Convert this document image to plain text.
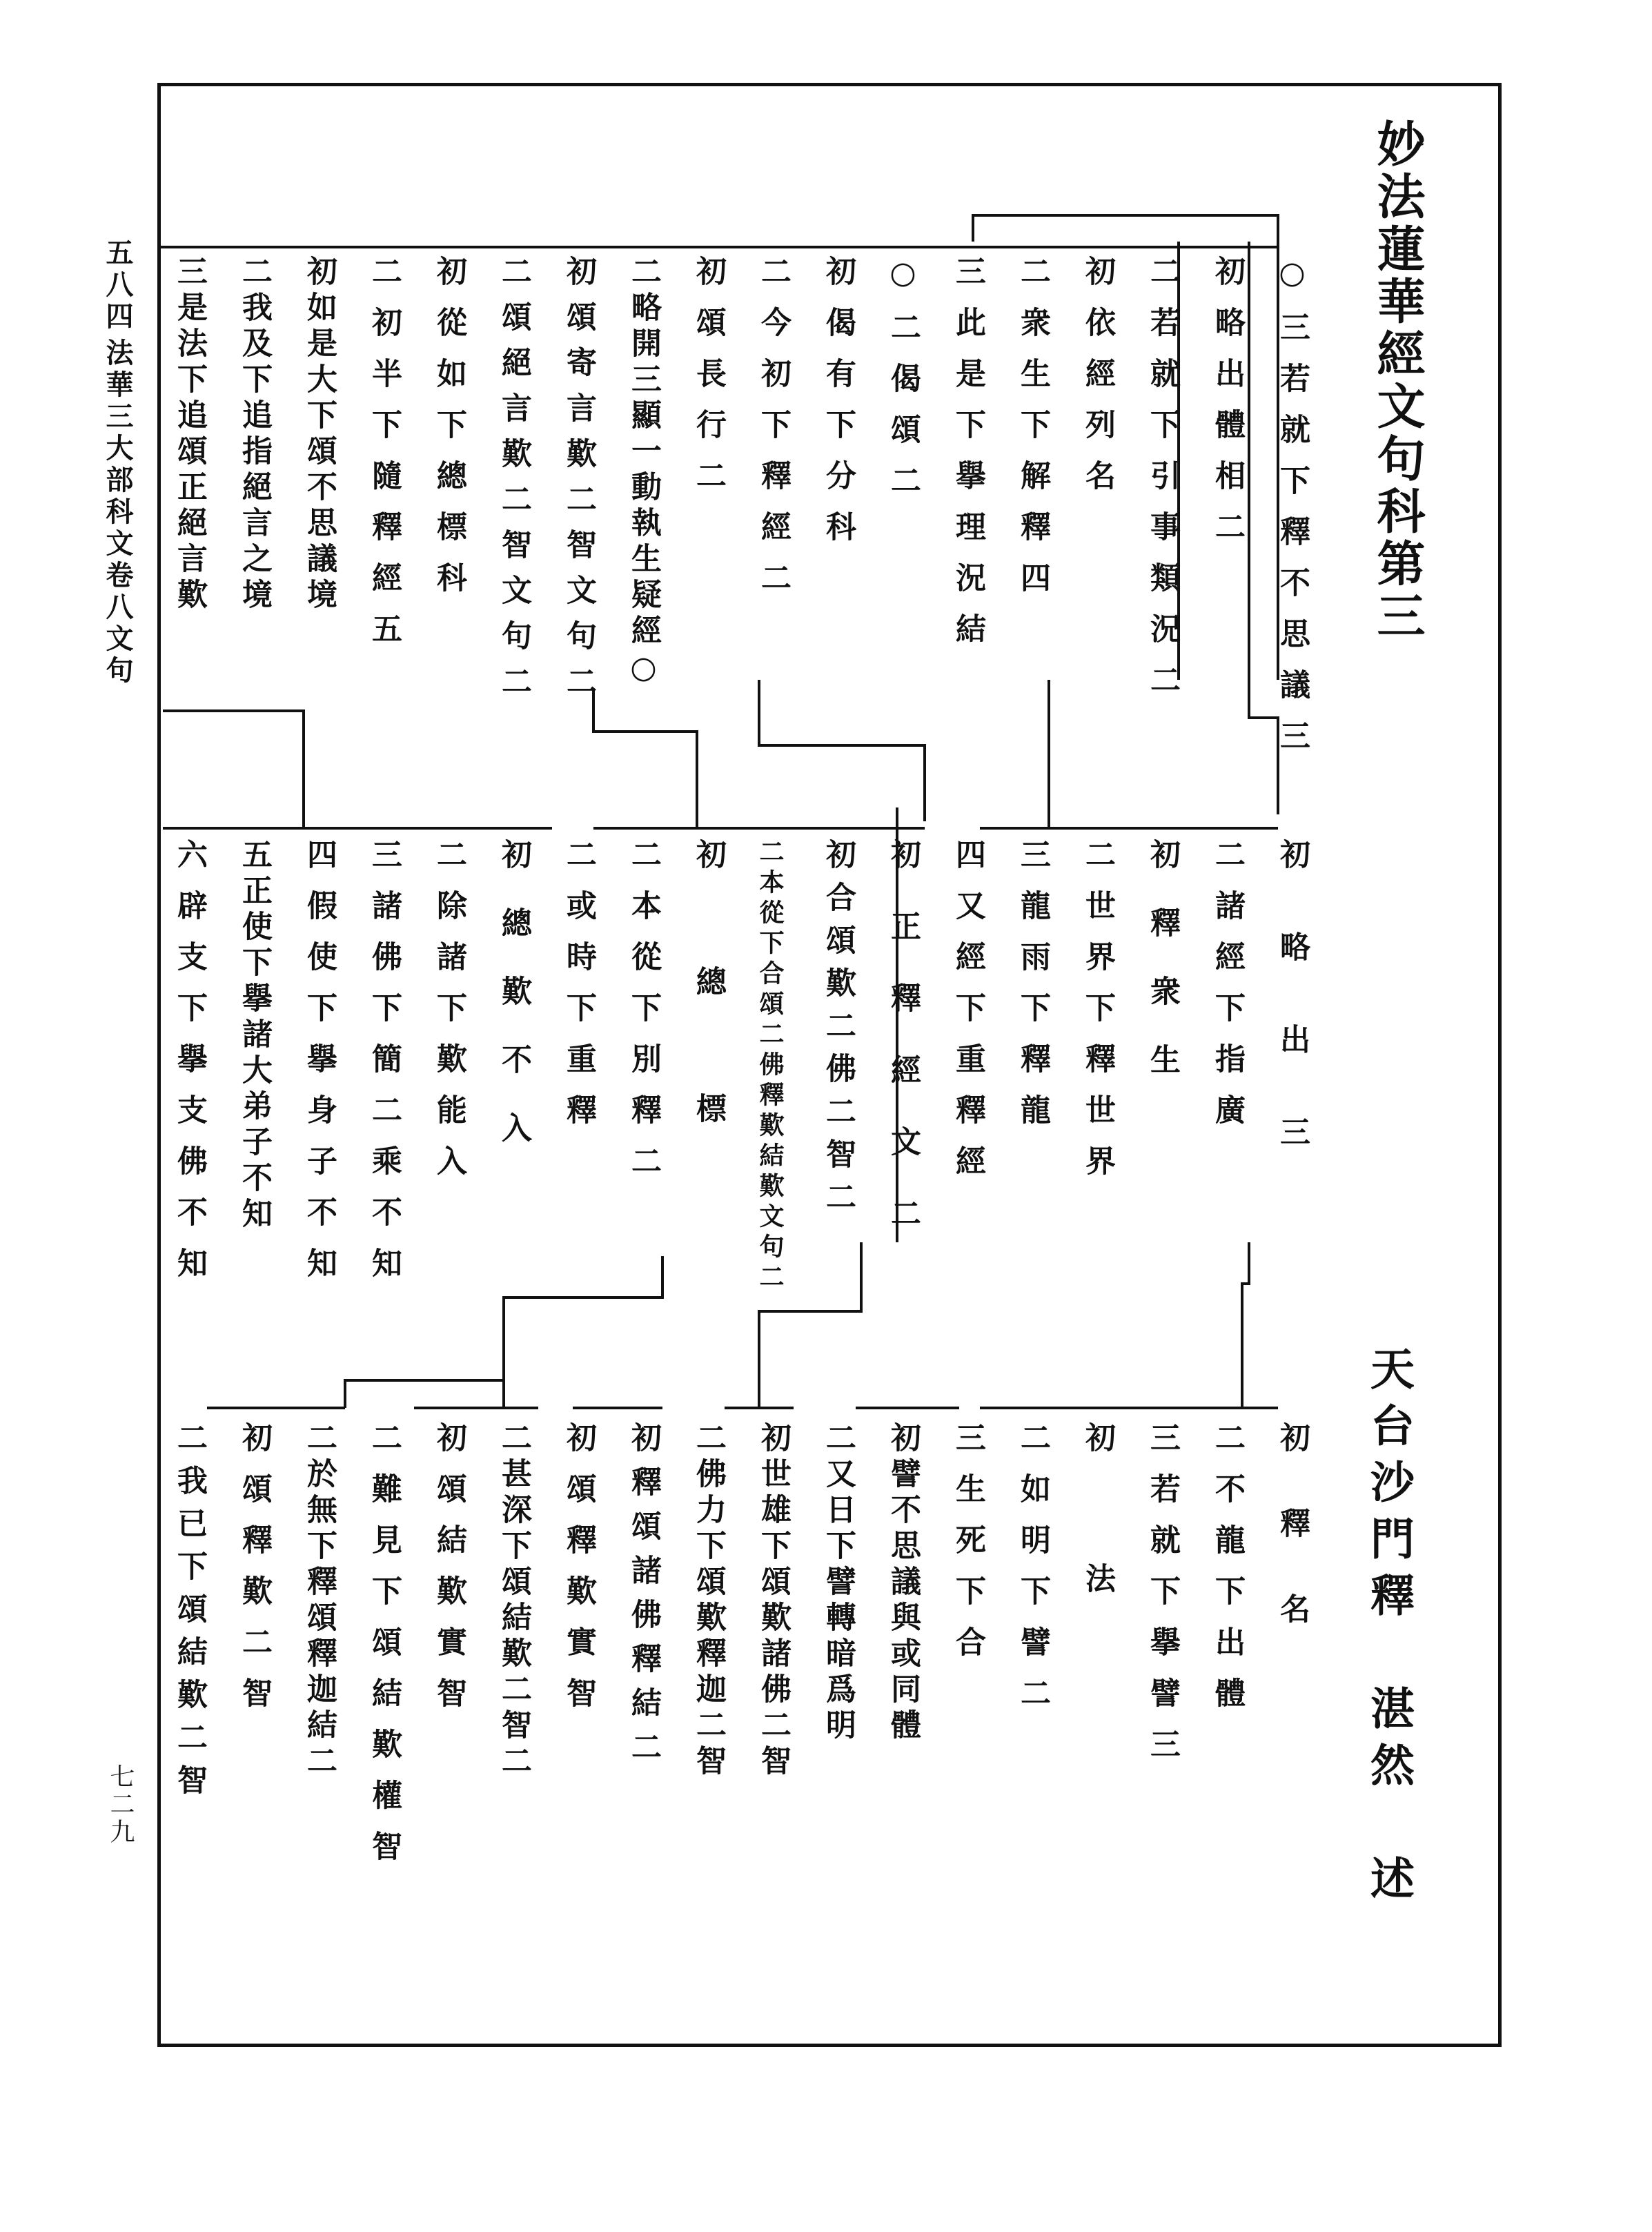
妙法蓮華經文句科第三
天台沙門釋　湛然　述
五八四
法華三大部科文卷八文句
七二九
○三若就下釋不思議三
初略出體相二
二若就下引事類況二
初依經列名
二衆生下解釋四
三此是下擧理況結
○二偈頌二
初偈有下分科
二今初下釋經二
初頌長行二
二略開三顯一動執生疑經○
初頌寄言歎二智文句二
二頌絕言歎二智文句二
初從如下總標科
二初半下隨釋經五
初如是大下頌不思議境
二我及下追指絕言之境
三是法下追頌正絕言歎
初略出三
二諸經下指廣
初釋衆生
二世界下釋世界
三龍雨下釋龍
四又經下重釋經
初正釋經文二
初合頌歎二佛二智二
二本從下合頌二佛釋歎結歎文句二
初總標
二本從下別釋二
二或時下重釋
初總歎不入
二除諸下歎能入
三諸佛下簡二乘不知
四假使下擧身子不知
五正使下擧諸大弟子不知
六辟支下擧支佛不知
初釋名
二不龍下出體
三若就下擧譬三
初法
二如明下譬二
三生死下合
初譬不思議與或同體
二又日下譬轉暗爲明
初世雄下頌歎諸佛二智
二佛力下頌歎釋迦二智
初釋頌諸佛釋結二
初頌釋歎實智
二甚深下頌結歎二智二
初頌結歎實智
二難見下頌結歎權智
二於無下釋頌釋迦結二
初頌釋歎二智
二我已下頌結歎二智
